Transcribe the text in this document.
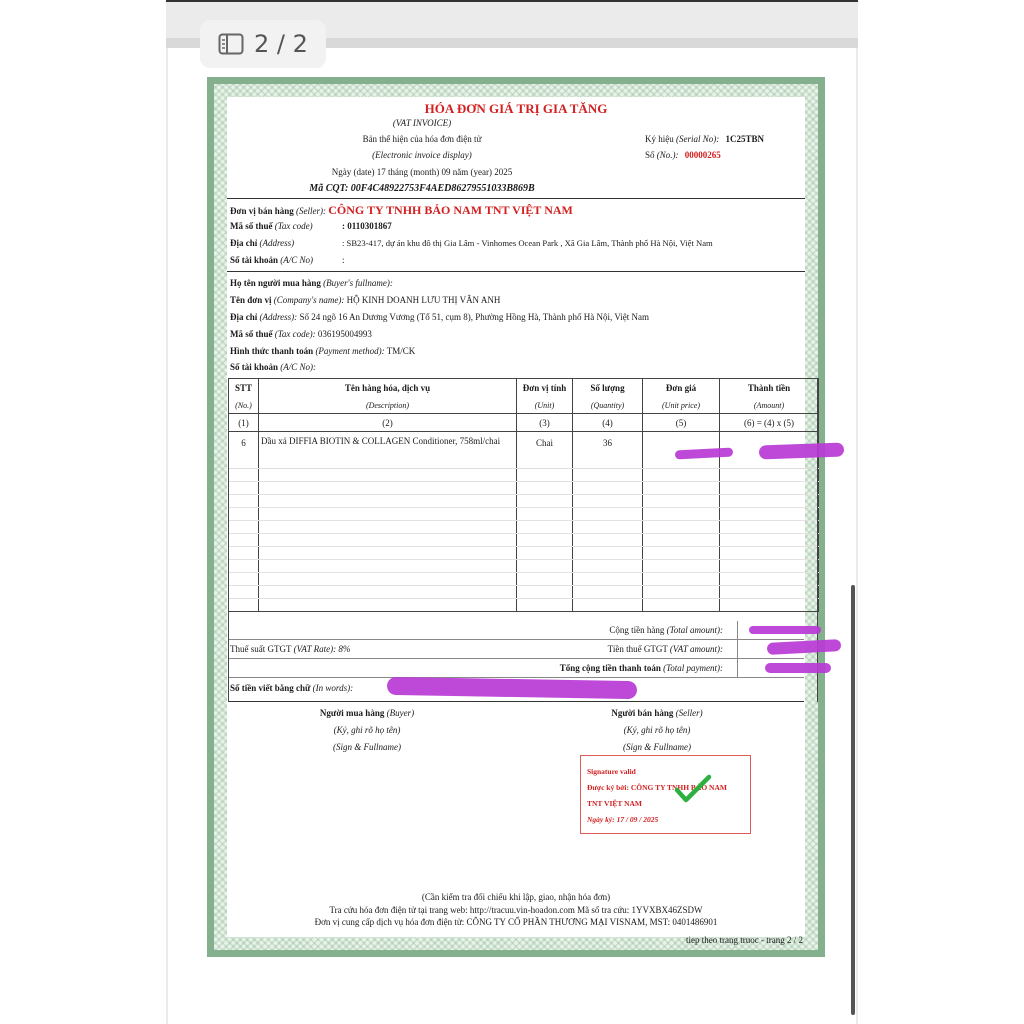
2 / 2
HÓA ĐƠN GIÁ TRỊ GIA TĂNG
(VAT INVOICE)
Bản thể hiện của hóa đơn điện tử
(Electronic invoice display)
Ngày (date) 17 tháng (month) 09 năm (year) 2025
Mã CQT: 00F4C48922753F4AED86279551033B869B
Ký hiệu (Serial No): 1C25TBN
Số (No.): 00000265
Đơn vị bán hàng (Seller): CÔNG TY TNHH BẢO NAM TNT VIỆT NAM
Mã số thuế (Tax code)	: 0110301867
Địa chỉ (Address)	: SB23-417, dự án khu đô thị Gia Lâm - Vinhomes Ocean Park , Xã Gia Lâm, Thành phố Hà Nội, Việt Nam
Số tài khoản (A/C No)	:
Họ tên người mua hàng (Buyer's fullname):
Tên đơn vị (Company's name): HỘ KINH DOANH LƯU THỊ VÂN ANH
Địa chỉ (Address): Số 24 ngõ 16 An Dương Vương (Tổ 51, cụm 8), Phường Hồng Hà, Thành phố Hà Nội, Việt Nam
Mã số thuế (Tax code): 036195004993
Hình thức thanh toán (Payment method): TM/CK
Số tài khoản (A/C No):
STT	Tên hàng hóa, dịch vụ	Đơn vị tính	Số lượng	Đơn giá	Thành tiền
(No.)	(Description)	(Unit)	(Quantity)	(Unit price)	(Amount)
(1)	(2)	(3)	(4)	(5)	(6) = (4) x (5)
6	Dầu xả DIFFIA BIOTIN & COLLAGEN Conditioner, 758ml/chai	Chai	36		

Cộng tiền hàng (Total amount):
Thuế suất GTGT (VAT Rate): 8%	Tiền thuế GTGT (VAT amount):
Tổng cộng tiền thanh toán (Total payment):
Số tiền viết bằng chữ (In words):
Người mua hàng (Buyer)
(Ký, ghi rõ họ tên)
(Sign & Fullname)
Người bán hàng (Seller)
(Ký, ghi rõ họ tên)
(Sign & Fullname)
Signature valid
Được ký bởi: CÔNG TY TNHH BẢO NAM
TNT VIỆT NAM
Ngày ký: 17 / 09 / 2025
(Cần kiểm tra đối chiếu khi lập, giao, nhận hóa đơn)
Tra cứu hóa đơn điện tử tại trang web: http://tracuu.vin-hoadon.com Mã số tra cứu: 1YVXBX46ZSDW
Đơn vị cung cấp dịch vụ hóa đơn điện tử: CÔNG TY CỔ PHẦN THƯƠNG MẠI VISNAM, MST: 0401486901
tiep theo trang truoc - trang 2 / 2
